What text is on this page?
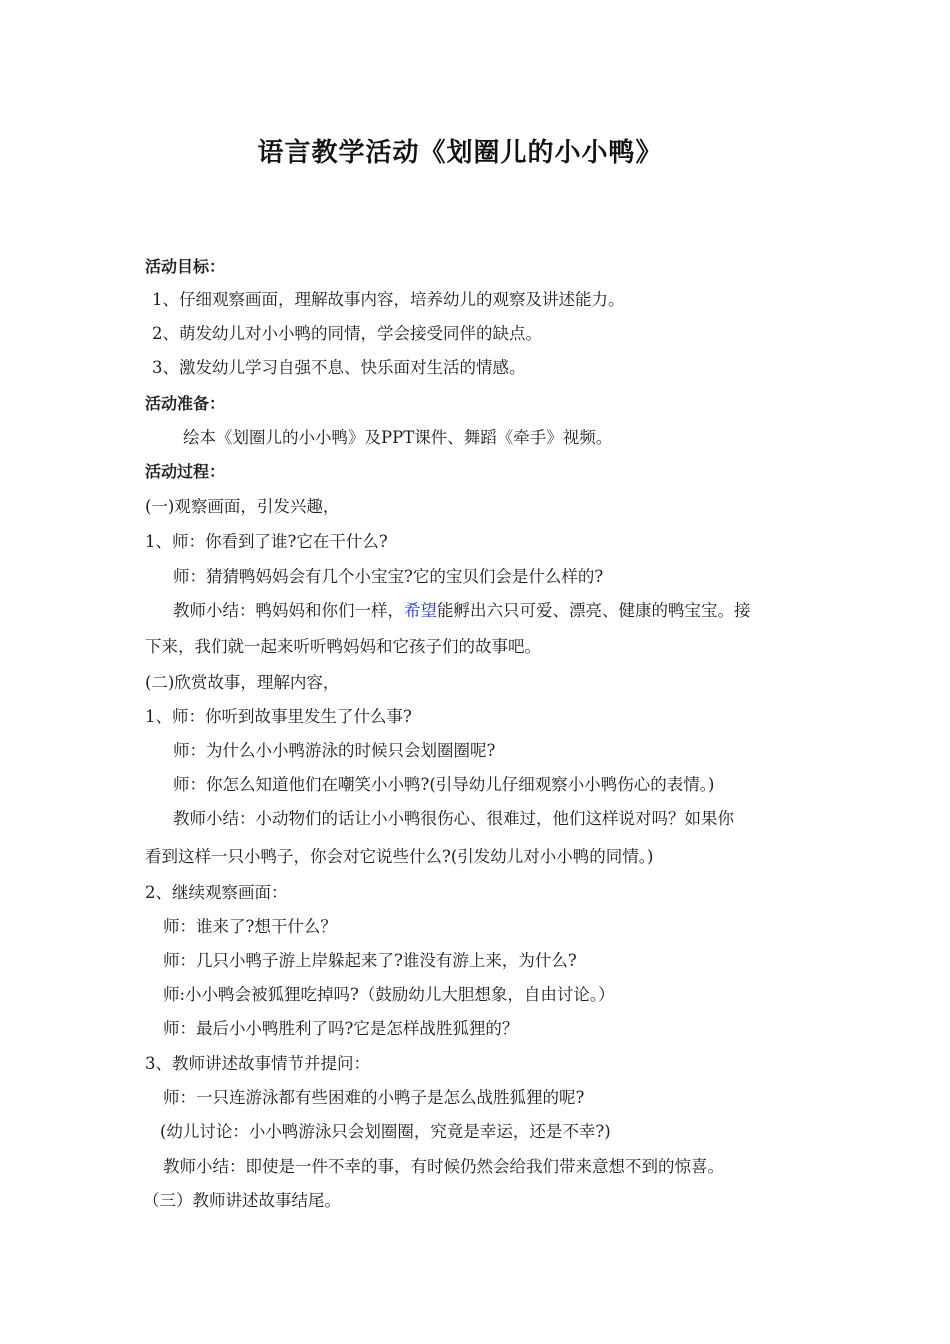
语言教学活动《划圈儿的小小鸭》
活动目标：
1、仔细观察画面，理解故事内容，培养幼儿的观察及讲述能力。
2、萌发幼儿对小小鸭的同情，学会接受同伴的缺点。
3、激发幼儿学习自强不息、快乐面对生活的情感。
活动准备：
绘本《划圈儿的小小鸭》及PPT课件、舞蹈《牵手》视频。
活动过程：
(一)观察画面，引发兴趣，
1、师：你看到了谁?它在干什么?
师：猜猜鸭妈妈会有几个小宝宝?它的宝贝们会是什么样的?
教师小结：鸭妈妈和你们一样，希望能孵出六只可爱、漂亮、健康的鸭宝宝。接
下来，我们就一起来听听鸭妈妈和它孩子们的故事吧。
(二)欣赏故事，理解内容，
1、师：你听到故事里发生了什么事?
师：为什么小小鸭游泳的时候只会划圈圈呢?
师：你怎么知道他们在嘲笑小小鸭?(引导幼儿仔细观察小小鸭伤心的表情。)
教师小结：小动物们的话让小小鸭很伤心、很难过，他们这样说对吗？如果你
看到这样一只小鸭子，你会对它说些什么?(引发幼儿对小小鸭的同情。)
2、继续观察画面：
师：谁来了?想干什么？
师：几只小鸭子游上岸躲起来了?谁没有游上来，为什么?
师:小小鸭会被狐狸吃掉吗?（鼓励幼儿大胆想象，自由讨论。）
师：最后小小鸭胜利了吗?它是怎样战胜狐狸的？
3、教师讲述故事情节并提问：
师：一只连游泳都有些困难的小鸭子是怎么战胜狐狸的呢?
(幼儿讨论：小小鸭游泳只会划圈圈，究竟是幸运，还是不幸?)
教师小结：即使是一件不幸的事，有时候仍然会给我们带来意想不到的惊喜。
（三）教师讲述故事结尾。
